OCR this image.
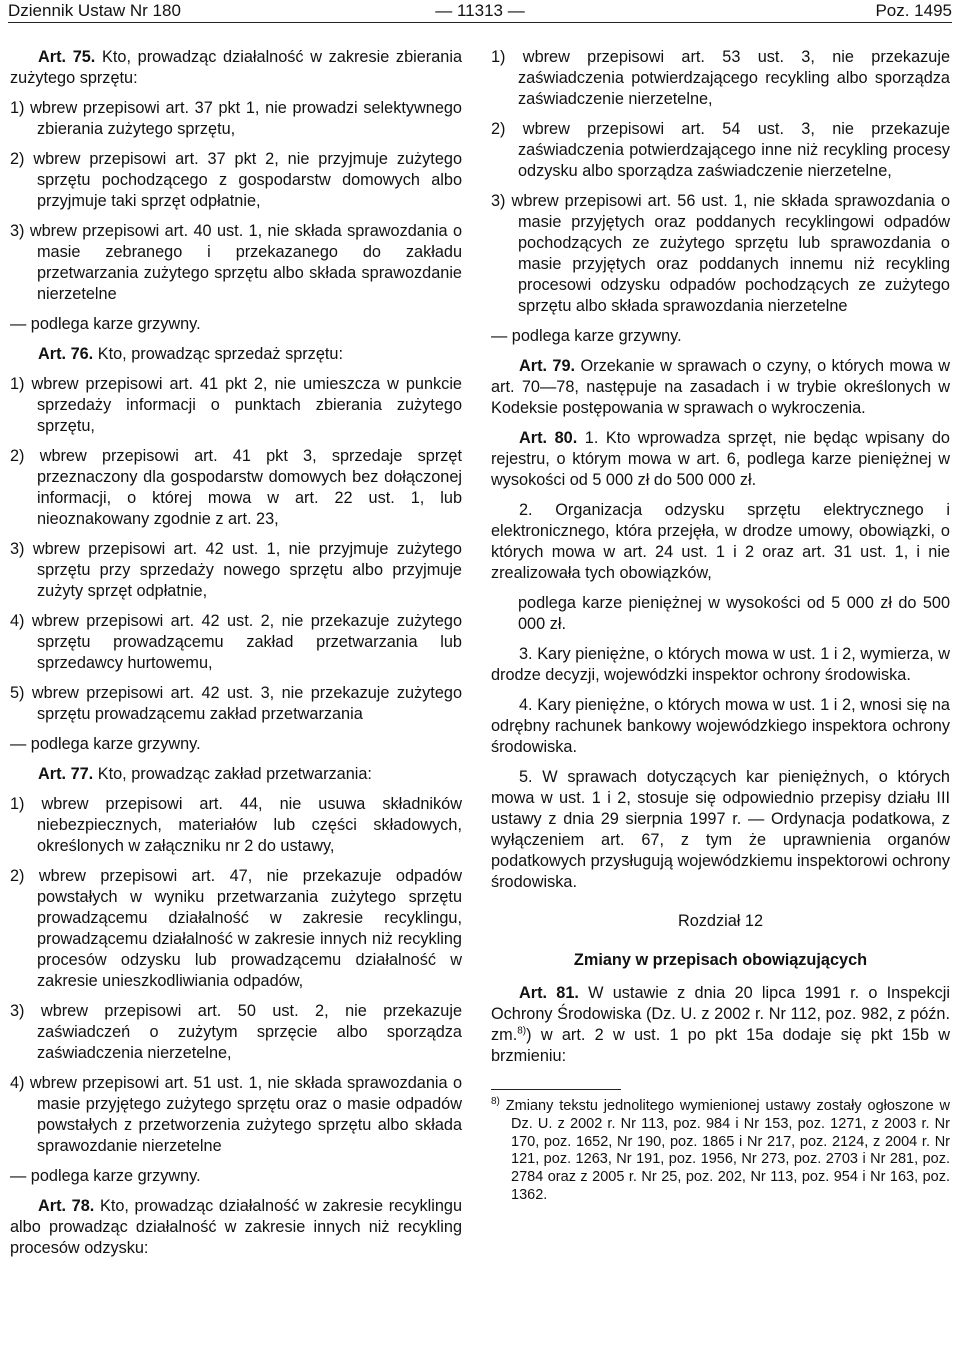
Dziennik Ustaw Nr 180	— 11313 —	Poz. 1495

Art. 75. Kto, prowadząc działalność w zakresie zbierania zużytego sprzętu:

1) wbrew przepisowi art. 37 pkt 1, nie prowadzi selektywnego zbierania zużytego sprzętu,

2) wbrew przepisowi art. 37 pkt 2, nie przyjmuje zużytego sprzętu pochodzącego z gospodarstw domowych albo przyjmuje taki sprzęt odpłatnie,

3) wbrew przepisowi art. 40 ust. 1, nie składa sprawozdania o masie zebranego i przekazanego do zakładu przetwarzania zużytego sprzętu albo składa sprawozdanie nierzetelne

— podlega karze grzywny.

Art. 76. Kto, prowadząc sprzedaż sprzętu:

1) wbrew przepisowi art. 41 pkt 2, nie umieszcza w punkcie sprzedaży informacji o punktach zbierania zużytego sprzętu,

2) wbrew przepisowi art. 41 pkt 3, sprzedaje sprzęt przeznaczony dla gospodarstw domowych bez dołączonej informacji, o której mowa w art. 22 ust. 1, lub nieoznakowany zgodnie z art. 23,

3) wbrew przepisowi art. 42 ust. 1, nie przyjmuje zużytego sprzętu przy sprzedaży nowego sprzętu albo przyjmuje zużyty sprzęt odpłatnie,

4) wbrew przepisowi art. 42 ust. 2, nie przekazuje zużytego sprzętu prowadzącemu zakład przetwarzania lub sprzedawcy hurtowemu,

5) wbrew przepisowi art. 42 ust. 3, nie przekazuje zużytego sprzętu prowadzącemu zakład przetwarzania

— podlega karze grzywny.

Art. 77. Kto, prowadząc zakład przetwarzania:

1) wbrew przepisowi art. 44, nie usuwa składników niebezpiecznych, materiałów lub części składowych, określonych w załączniku nr 2 do ustawy,

2) wbrew przepisowi art. 47, nie przekazuje odpadów powstałych w wyniku przetwarzania zużytego sprzętu prowadzącemu działalność w zakresie recyklingu, prowadzącemu działalność w zakresie innych niż recykling procesów odzysku lub prowadzącemu działalność w zakresie unieszkodliwiania odpadów,

3) wbrew przepisowi art. 50 ust. 2, nie przekazuje zaświadczeń o zużytym sprzęcie albo sporządza zaświadczenia nierzetelne,

4) wbrew przepisowi art. 51 ust. 1, nie składa sprawozdania o masie przyjętego zużytego sprzętu oraz o masie odpadów powstałych z przetworzenia zużytego sprzętu albo składa sprawozdanie nierzetelne

— podlega karze grzywny.

Art. 78. Kto, prowadząc działalność w zakresie recyklingu albo prowadząc działalność w zakresie innych niż recykling procesów odzysku:

1) wbrew przepisowi art. 53 ust. 3, nie przekazuje zaświadczenia potwierdzającego recykling albo sporządza zaświadczenie nierzetelne,

2) wbrew przepisowi art. 54 ust. 3, nie przekazuje zaświadczenia potwierdzającego inne niż recykling procesy odzysku albo sporządza zaświadczenie nierzetelne,

3) wbrew przepisowi art. 56 ust. 1, nie składa sprawozdania o masie przyjętych oraz poddanych recyklingowi odpadów pochodzących ze zużytego sprzętu lub sprawozdania o masie przyjętych oraz poddanych innemu niż recykling procesowi odzysku odpadów pochodzących ze zużytego sprzętu albo składa sprawozdania nierzetelne

— podlega karze grzywny.

Art. 79. Orzekanie w sprawach o czyny, o których mowa w art. 70—78, następuje na zasadach i w trybie określonych w Kodeksie postępowania w sprawach o wykroczenia.

Art. 80. 1. Kto wprowadza sprzęt, nie będąc wpisany do rejestru, o którym mowa w art. 6, podlega karze pieniężnej w wysokości od 5 000 zł do 500 000 zł.

2. Organizacja odzysku sprzętu elektrycznego i elektronicznego, która przejęła, w drodze umowy, obowiązki, o których mowa w art. 24 ust. 1 i 2 oraz art. 31 ust. 1, i nie zrealizowała tych obowiązków,

podlega karze pieniężnej w wysokości od 5 000 zł do 500 000 zł.

3. Kary pieniężne, o których mowa w ust. 1 i 2, wymierza, w drodze decyzji, wojewódzki inspektor ochrony środowiska.

4. Kary pieniężne, o których mowa w ust. 1 i 2, wnosi się na odrębny rachunek bankowy wojewódzkiego inspektora ochrony środowiska.

5. W sprawach dotyczących kar pieniężnych, o których mowa w ust. 1 i 2, stosuje się odpowiednio przepisy działu III ustawy z dnia 29 sierpnia 1997 r. — Ordynacja podatkowa, z wyłączeniem art. 67, z tym że uprawnienia organów podatkowych przysługują wojewódzkiemu inspektorowi ochrony środowiska.

Rozdział 12

Zmiany w przepisach obowiązujących

Art. 81. W ustawie z dnia 20 lipca 1991 r. o Inspekcji Ochrony Środowiska (Dz. U. z 2002 r. Nr 112, poz. 982, z późn. zm.$^{8)}$) w art. 2 w ust. 1 po pkt 15a dodaje się pkt 15b w brzmieniu:

$^{8)}$ Zmiany tekstu jednolitego wymienionej ustawy zostały ogłoszone w Dz. U. z 2002 r. Nr 113, poz. 984 i Nr 153, poz. 1271, z 2003 r. Nr 170, poz. 1652, Nr 190, poz. 1865 i Nr 217, poz. 2124, z 2004 r. Nr 121, poz. 1263, Nr 191, poz. 1956, Nr 273, poz. 2703 i Nr 281, poz. 2784 oraz z 2005 r. Nr 25, poz. 202, Nr 113, poz. 954 i Nr 163, poz. 1362.
